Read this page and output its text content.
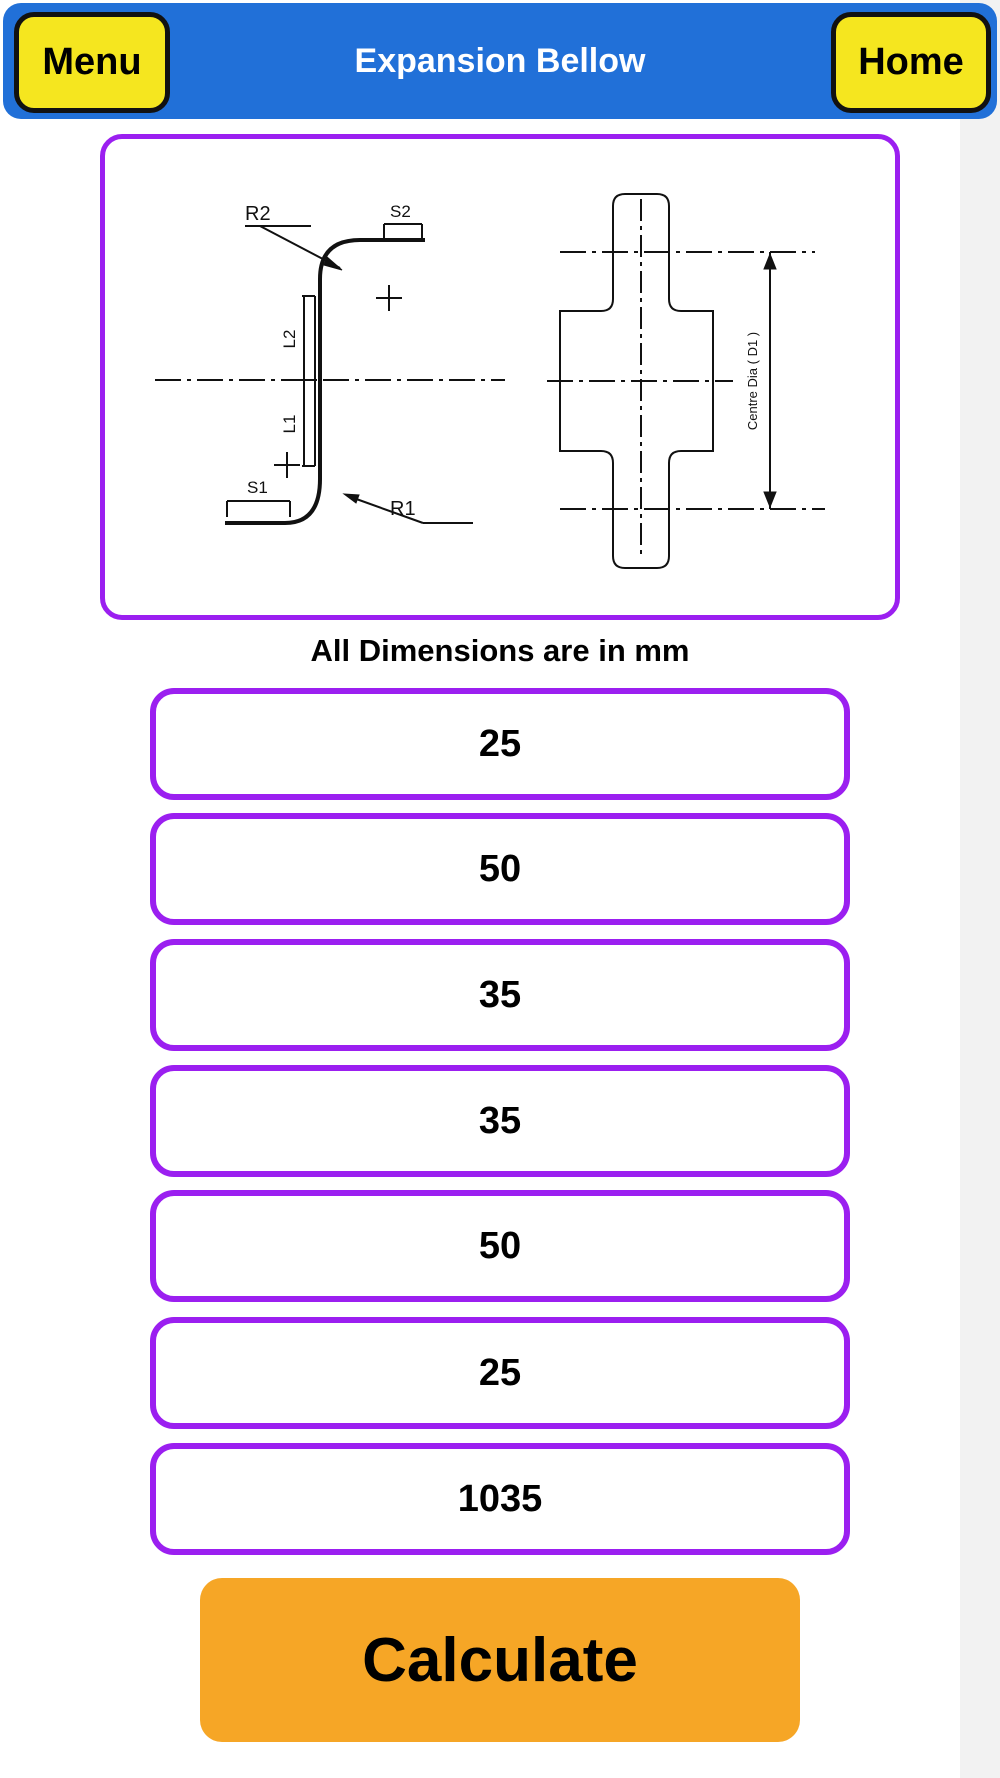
Expansion Bellow
Menu	Home
R2	S2
L2
L1
S1
R1
Centre Dia ( D1 )
All Dimensions are in mm
25
50
35
35
50
25
1035
Calculate
